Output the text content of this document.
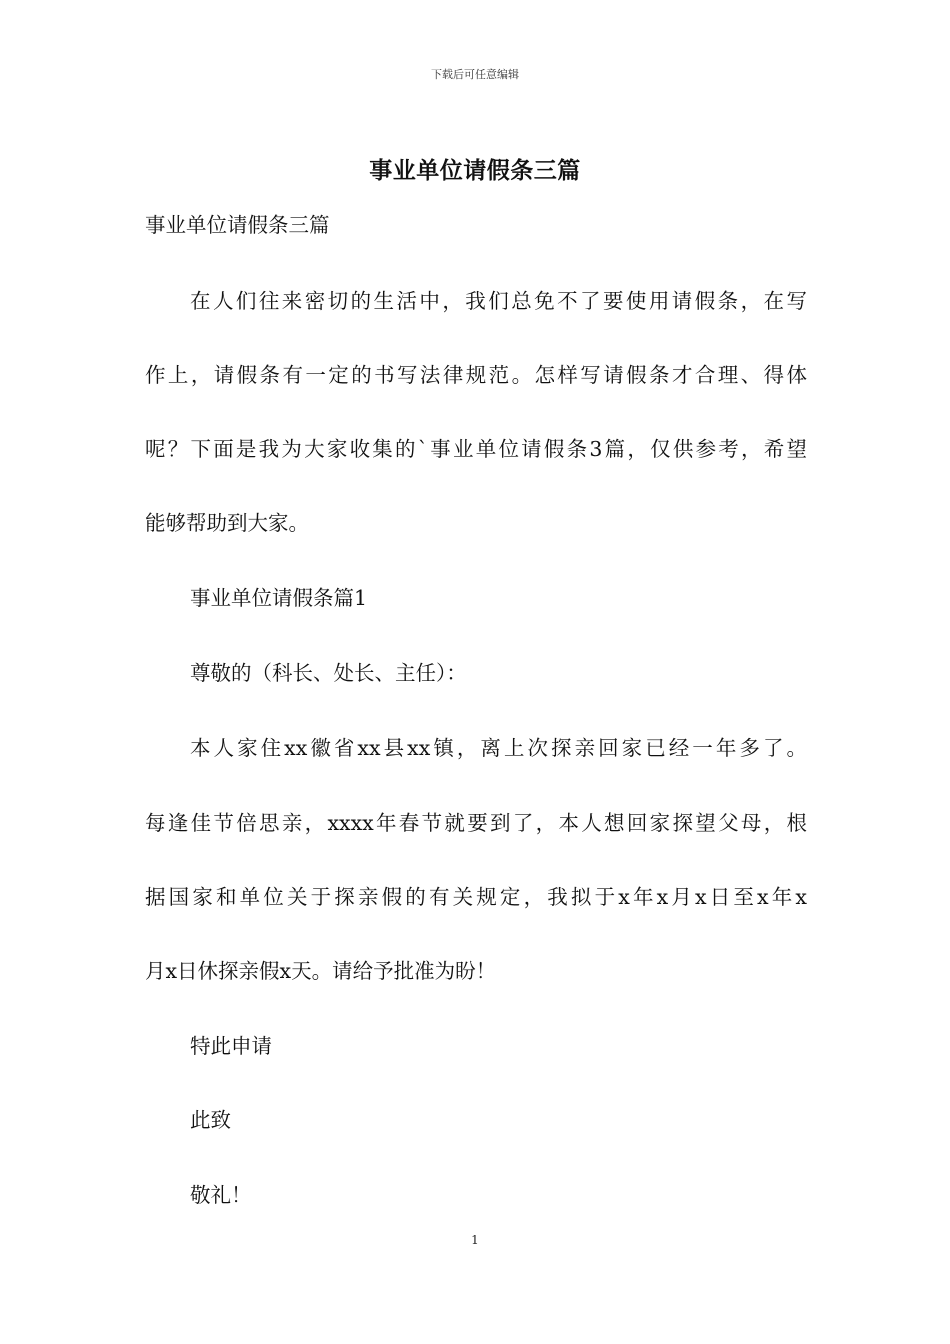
下载后可任意编辑
事业单位请假条三篇
事业单位请假条三篇
在人们往来密切的生活中，我们总免不了要使用请假条，在写
作上，请假条有一定的书写法律规范。怎样写请假条才合理、得体
呢？下面是我为大家收集的`事业单位请假条3篇，仅供参考，希望
能够帮助到大家。
事业单位请假条篇1
尊敬的（科长、处长、主任）：
本人家住xx徽省xx县xx镇，离上次探亲回家已经一年多了。
每逢佳节倍思亲，xxxx年春节就要到了，本人想回家探望父母，根
据国家和单位关于探亲假的有关规定，我拟于x年x月x日至x年x
月x日休探亲假x天。请给予批准为盼！
特此申请
此致
敬礼！
1
